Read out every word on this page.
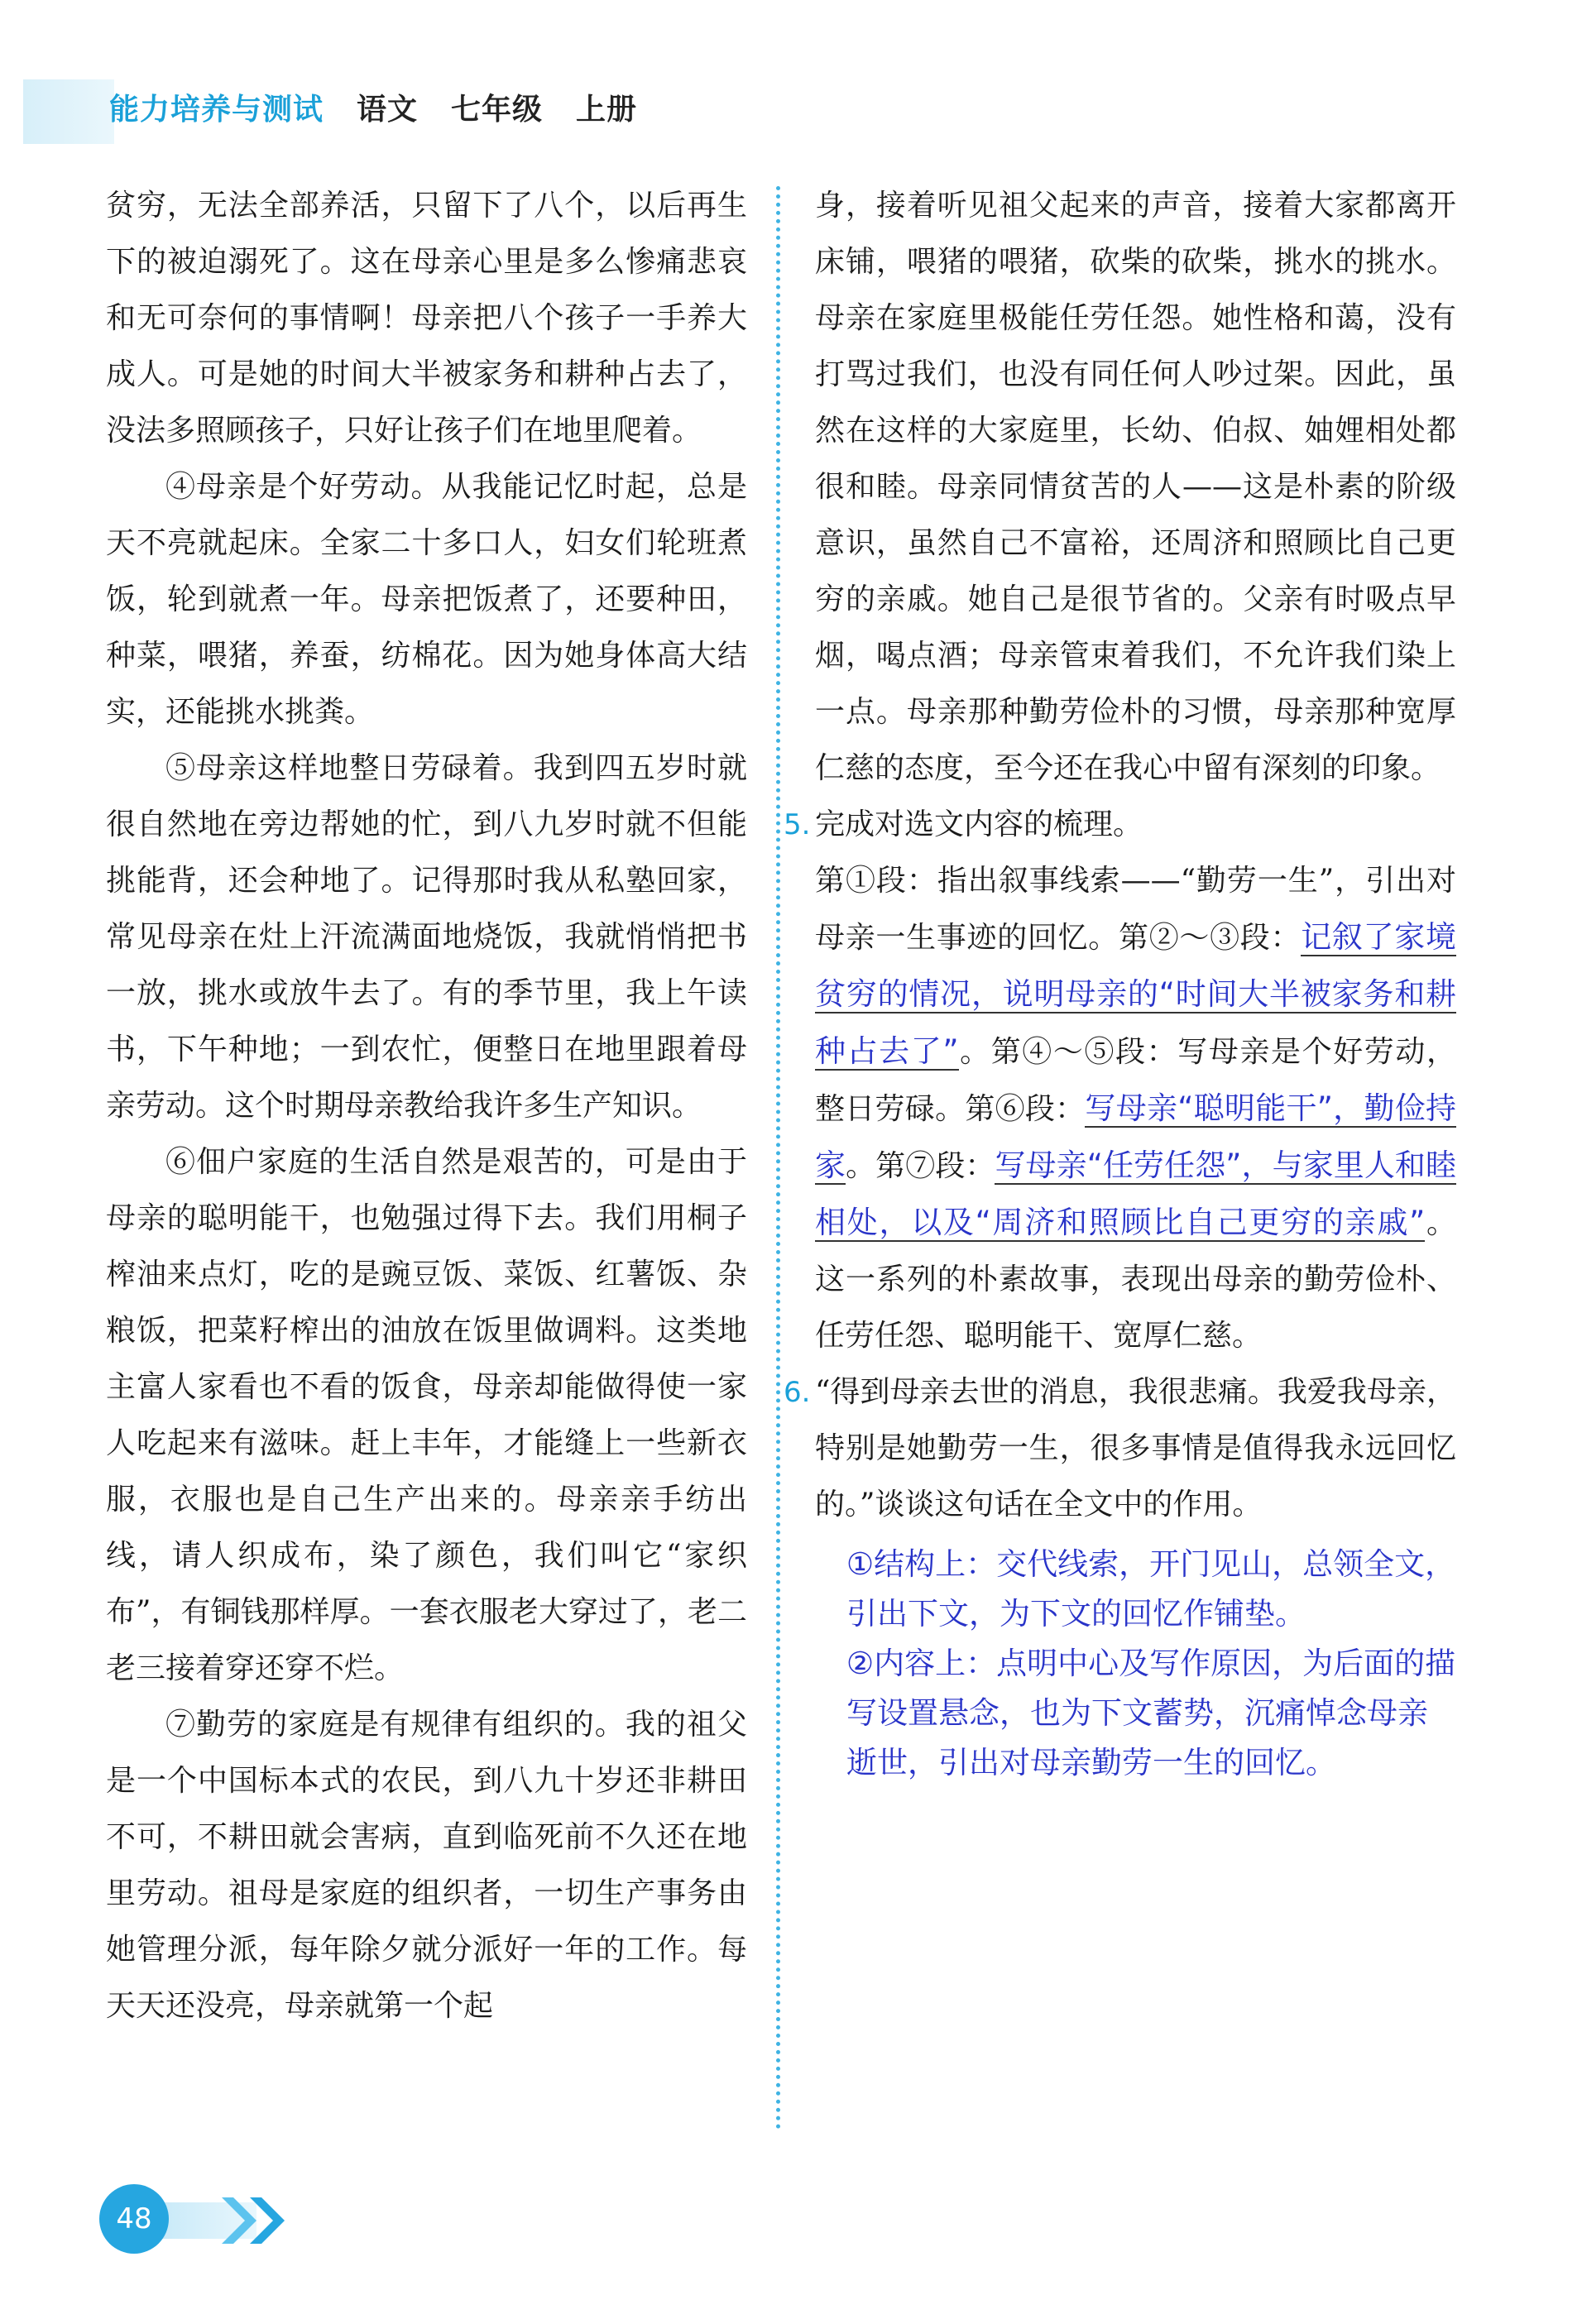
能力培养与测试 语文 七年级 上册

贫穷，无法全部养活，只留下了八个，以后再生下的被迫溺死了。这在母亲心里是多么惨痛悲哀和无可奈何的事情啊！母亲把八个孩子一手养大成人。可是她的时间大半被家务和耕种占去了，没法多照顾孩子，只好让孩子们在地里爬着。

④母亲是个好劳动。从我能记忆时起，总是天不亮就起床。全家二十多口人，妇女们轮班煮饭，轮到就煮一年。母亲把饭煮了，还要种田，种菜，喂猪，养蚕，纺棉花。因为她身体高大结实，还能挑水挑粪。

⑤母亲这样地整日劳碌着。我到四五岁时就很自然地在旁边帮她的忙，到八九岁时就不但能挑能背，还会种地了。记得那时我从私塾回家，常见母亲在灶上汗流满面地烧饭，我就悄悄把书一放，挑水或放牛去了。有的季节里，我上午读书，下午种地；一到农忙，便整日在地里跟着母亲劳动。这个时期母亲教给我许多生产知识。

⑥佃户家庭的生活自然是艰苦的，可是由于母亲的聪明能干，也勉强过得下去。我们用桐子榨油来点灯，吃的是豌豆饭、菜饭、红薯饭、杂粮饭，把菜籽榨出的油放在饭里做调料。这类地主富人家看也不看的饭食，母亲却能做得使一家人吃起来有滋味。赶上丰年，才能缝上一些新衣服，衣服也是自己生产出来的。母亲亲手纺出线，请人织成布，染了颜色，我们叫它“家织布”，有铜钱那样厚。一套衣服老大穿过了，老二老三接着穿还穿不烂。

⑦勤劳的家庭是有规律有组织的。我的祖父是一个中国标本式的农民，到八九十岁还非耕田不可，不耕田就会害病，直到临死前不久还在地里劳动。祖母是家庭的组织者，一切生产事务由她管理分派，每年除夕就分派好一年的工作。每天天还没亮，母亲就第一个起

身，接着听见祖父起来的声音，接着大家都离开床铺，喂猪的喂猪，砍柴的砍柴，挑水的挑水。母亲在家庭里极能任劳任怨。她性格和蔼，没有打骂过我们，也没有同任何人吵过架。因此，虽然在这样的大家庭里，长幼、伯叔、妯娌相处都很和睦。母亲同情贫苦的人——这是朴素的阶级意识，虽然自己不富裕，还周济和照顾比自己更穷的亲戚。她自己是很节省的。父亲有时吸点早烟，喝点酒；母亲管束着我们，不允许我们染上一点。母亲那种勤劳俭朴的习惯，母亲那种宽厚仁慈的态度，至今还在我心中留有深刻的印象。

5. 完成对选文内容的梳理。

第①段：指出叙事线索——“勤劳一生”，引出对母亲一生事迹的回忆。第②～③段：记叙了家境贫穷的情况，说明母亲的“时间大半被家务和耕种占去了”。第④～⑤段：写母亲是个好劳动，整日劳碌。第⑥段：写母亲“聪明能干”，勤俭持家。第⑦段：写母亲“任劳任怨”，与家里人和睦相处，以及“周济和照顾比自己更穷的亲戚”。这一系列的朴素故事，表现出母亲的勤劳俭朴、任劳任怨、聪明能干、宽厚仁慈。

6. “得到母亲去世的消息，我很悲痛。我爱我母亲，特别是她勤劳一生，很多事情是值得我永远回忆的。”谈谈这句话在全文中的作用。

①结构上：交代线索，开门见山，总领全文，引出下文，为下文的回忆作铺垫。
②内容上：点明中心及写作原因，为后面的描写设置悬念，也为下文蓄势，沉痛悼念母亲逝世，引出对母亲勤劳一生的回忆。
48
